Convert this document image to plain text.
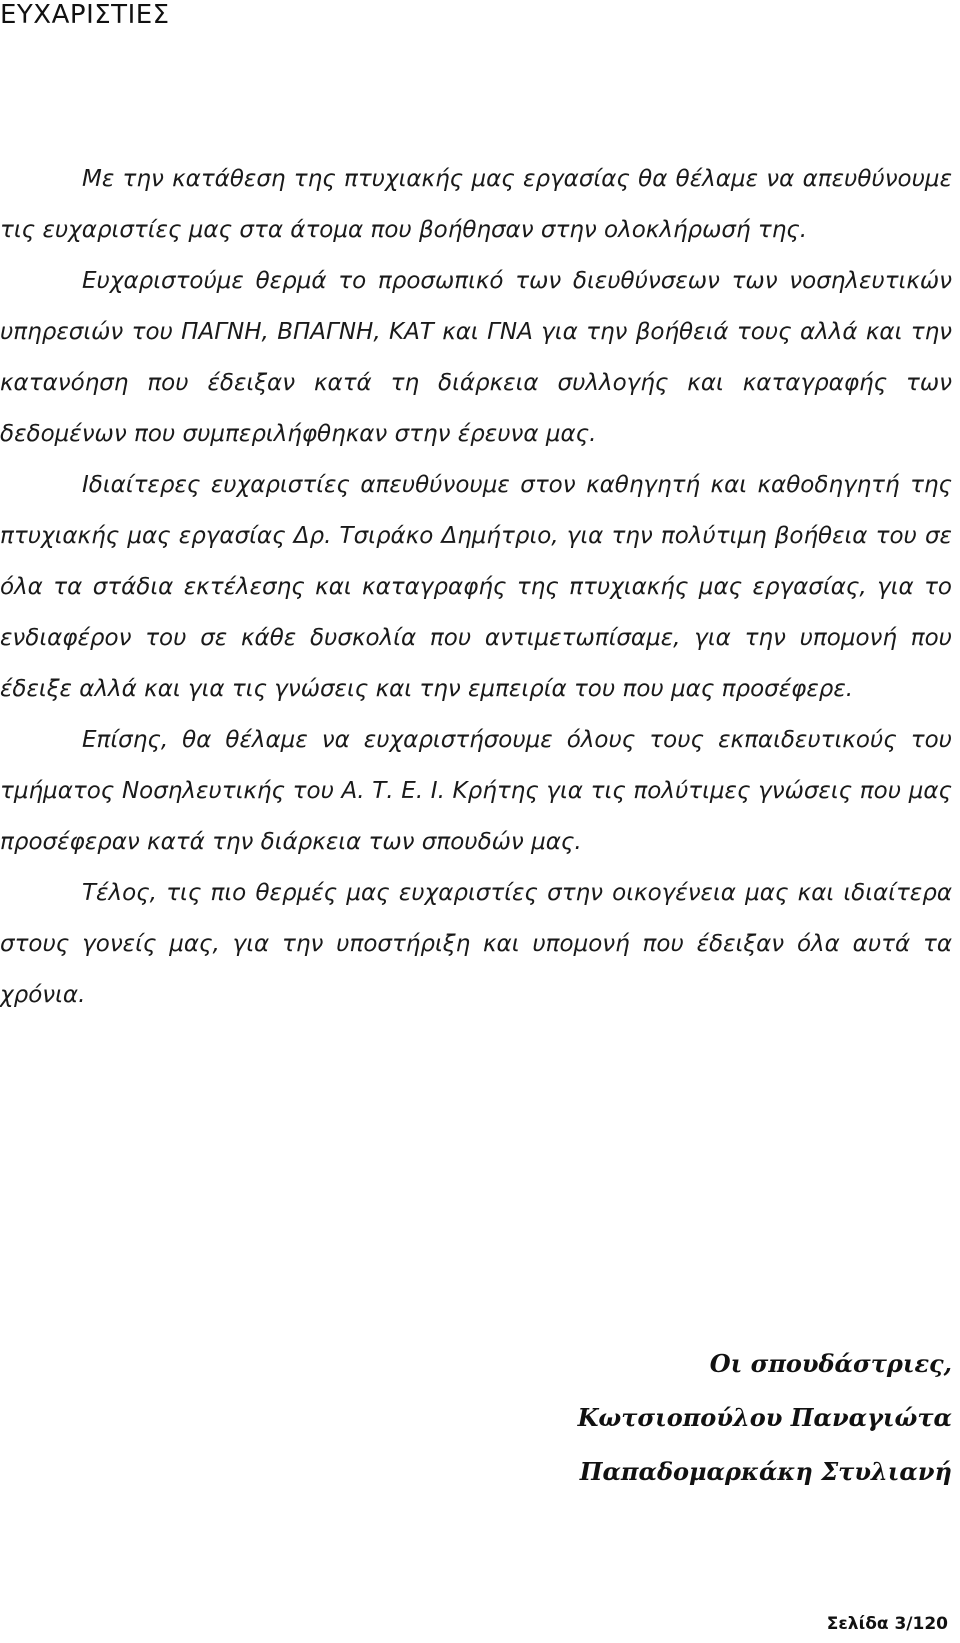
ΕΥΧΑΡΙΣΤΙΕΣ

Με την κατάθεση της πτυχιακής μας εργασίας θα θέλαμε να απευθύνουμε τις ευχαριστίες μας στα άτομα που βοήθησαν στην ολοκλήρωσή της.

Ευχαριστούμε θερμά το προσωπικό των διευθύνσεων των νοσηλευτικών υπηρεσιών του ΠΑΓΝΗ, ΒΠΑΓΝΗ, ΚΑΤ και ΓΝΑ για την βοήθειά τους αλλά και την κατανόηση που έδειξαν κατά τη διάρκεια συλλογής και καταγραφής των δεδομένων που συμπεριλήφθηκαν στην έρευνα μας.

Ιδιαίτερες ευχαριστίες απευθύνουμε στον καθηγητή και καθοδηγητή της πτυχιακής μας εργασίας Δρ. Τσιράκο Δημήτριο, για την πολύτιμη βοήθεια του σε όλα τα στάδια εκτέλεσης και καταγραφής της πτυχιακής μας εργασίας, για το ενδιαφέρον του σε κάθε δυσκολία που αντιμετωπίσαμε, για την υπομονή που έδειξε αλλά και για τις γνώσεις και την εμπειρία του που μας προσέφερε.

Επίσης, θα θέλαμε να ευχαριστήσουμε όλους τους εκπαιδευτικούς του τμήματος Νοσηλευτικής του Α. Τ. Ε. Ι. Κρήτης για τις πολύτιμες γνώσεις που μας προσέφεραν κατά την διάρκεια των σπουδών μας.

Τέλος, τις πιο θερμές μας ευχαριστίες στην οικογένεια μας και ιδιαίτερα στους γονείς μας, για την υποστήριξη και υπομονή που έδειξαν όλα αυτά τα χρόνια.

Οι σπουδάστριες,
Κωτσιοπούλου Παναγιώτα
Παπαδομαρκάκη Στυλιανή
Σελίδα 3/120
